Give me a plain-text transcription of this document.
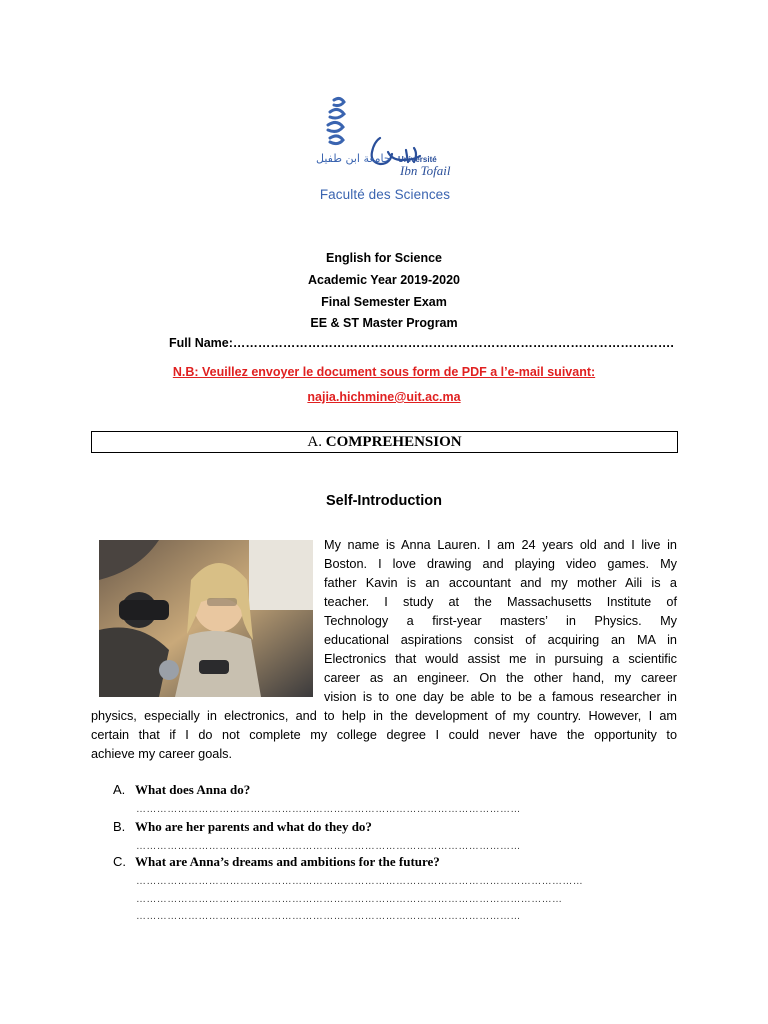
جامعة ابن طفيل Université
Ibn Tofail
Faculté des Sciences
English for Science
Academic Year 2019-2020
Final Semester Exam
EE & ST Master Program
Full Name:…………………………………………………………………………………………….
N.B: Veuillez envoyer le document sous form de PDF a l’e-mail suivant:
najia.hichmine@uit.ac.ma
A. COMPREHENSION
Self-Introduction
My name is Anna Lauren. I am 24 years old and I live in
Boston. I love drawing and playing video games. My
father Kavin is an accountant and my mother Aili is a
teacher. I study at the Massachusetts Institute of
Technology a first-year masters’ in Physics. My
educational aspirations consist of acquiring an MA in
Electronics that would assist me in pursuing a scientific
career as an engineer. On the other hand, my career
vision is to one day be able to be a famous researcher in
physics, especially in electronics, and to help in the development of my country. However, I am
certain that if I do not complete my college degree I could never have the opportunity to
achieve my career goals.
A. What does Anna do?
…………………………………………………………………………………………………
B. Who are her parents and what do they do?
…………………………………………………………………………………………………
C. What are Anna’s dreams and ambitions for the future?
…………………………………………………………………………………………………………………
……………………………………………………………………………………………………………
…………………………………………………………………………………………………
